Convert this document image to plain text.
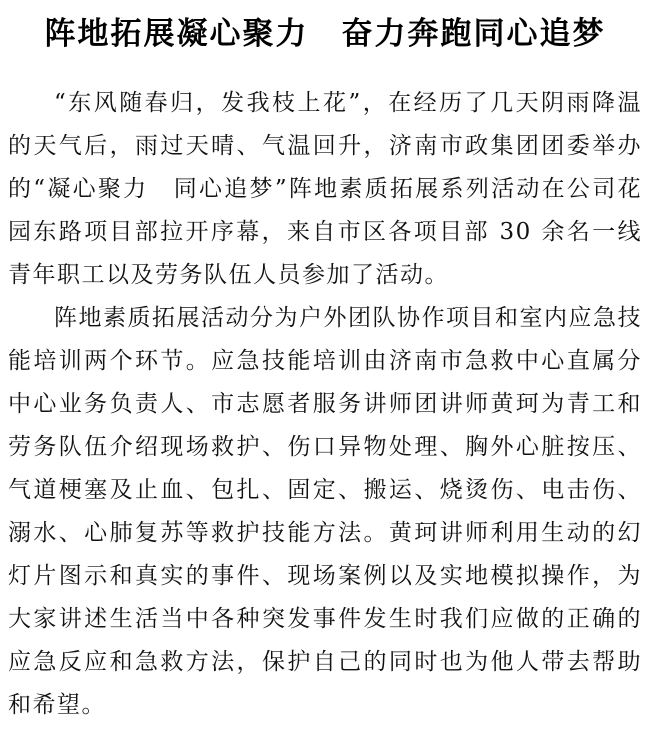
阵地拓展凝心聚力　奋力奔跑同心追梦

“东风随春归，发我枝上花”，在经历了几天阴雨降温的天气后，雨过天晴、气温回升，济南市政集团团委举办的“凝心聚力　同心追梦”阵地素质拓展系列活动在公司花园东路项目部拉开序幕，来自市区各项目部 30 余名一线青年职工以及劳务队伍人员参加了活动。

阵地素质拓展活动分为户外团队协作项目和室内应急技能培训两个环节。应急技能培训由济南市急救中心直属分中心业务负责人、市志愿者服务讲师团讲师黄珂为青工和劳务队伍介绍现场救护、伤口异物处理、胸外心脏按压、气道梗塞及止血、包扎、固定、搬运、烧烫伤、电击伤、溺水、心肺复苏等救护技能方法。黄珂讲师利用生动的幻灯片图示和真实的事件、现场案例以及实地模拟操作，为大家讲述生活当中各种突发事件发生时我们应做的正确的应急反应和急救方法，保护自己的同时也为他人带去帮助和希望。
